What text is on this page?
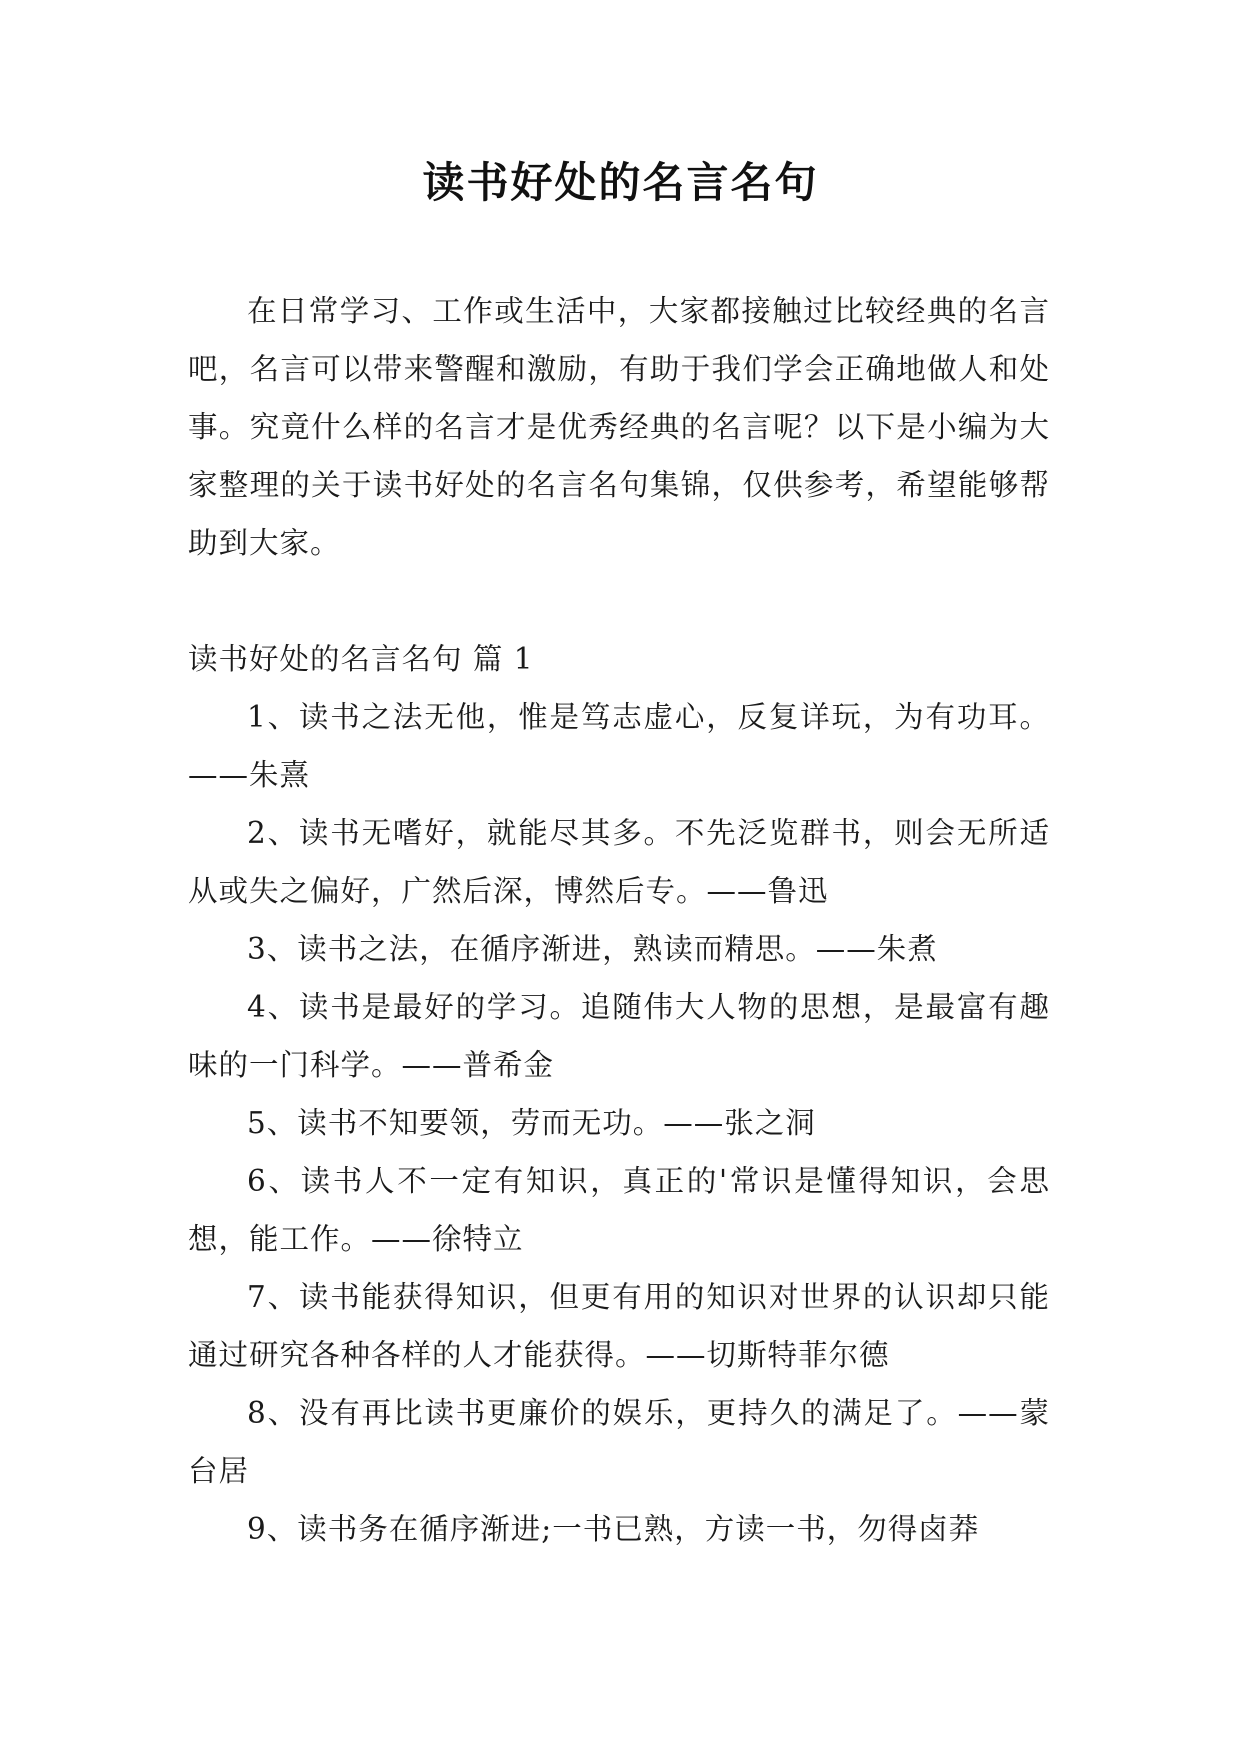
读书好处的名言名句

在日常学习、工作或生活中，大家都接触过比较经典的名言吧，名言可以带来警醒和激励，有助于我们学会正确地做人和处事。究竟什么样的名言才是优秀经典的名言呢？以下是小编为大家整理的关于读书好处的名言名句集锦，仅供参考，希望能够帮助到大家。

读书好处的名言名句 篇 1

1、读书之法无他，惟是笃志虚心，反复详玩，为有功耳。——朱熹

2、读书无嗜好，就能尽其多。不先泛览群书，则会无所适从或失之偏好，广然后深，博然后专。——鲁迅

3、读书之法，在循序渐进，熟读而精思。——朱煮

4、读书是最好的学习。追随伟大人物的思想，是最富有趣味的一门科学。——普希金

5、读书不知要领，劳而无功。——张之洞

6、读书人不一定有知识，真正的'常识是懂得知识，会思想，能工作。——徐特立

7、读书能获得知识，但更有用的知识对世界的认识却只能通过研究各种各样的人才能获得。——切斯特菲尔德

8、没有再比读书更廉价的娱乐，更持久的满足了。——蒙台居

9、读书务在循序渐进;一书已熟，方读一书，勿得卤莽
